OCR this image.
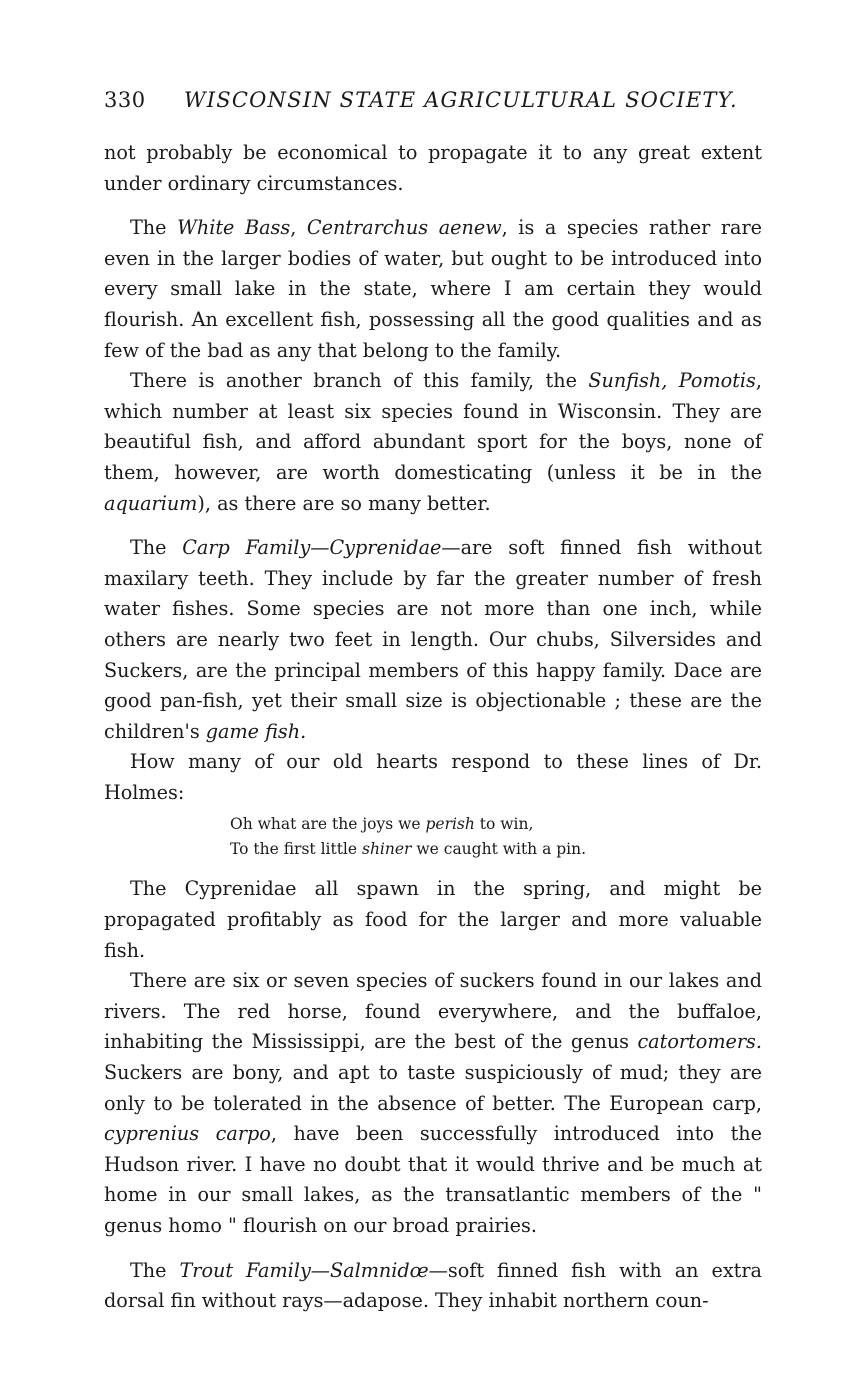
330	WISCONSIN STATE AGRICULTURAL SOCIETY.

not probably be economical to propagate it to any great extent under ordinary circumstances.

The White Bass, Centrarchus aenew, is a species rather rare even in the larger bodies of water, but ought to be introduced into every small lake in the state, where I am certain they would flourish. An excellent fish, possessing all the good qualities and as few of the bad as any that belong to the family.

There is another branch of this family, the Sunfish, Pomotis, which number at least six species found in Wisconsin. They are beautiful fish, and afford abundant sport for the boys, none of them, however, are worth domesticating (unless it be in the aquarium), as there are so many better.

The Carp Family—Cyprenidae—are soft finned fish without maxilary teeth. They include by far the greater number of fresh water fishes. Some species are not more than one inch, while others are nearly two feet in length. Our chubs, Silversides and Suckers, are the principal members of this happy family. Dace are good pan-fish, yet their small size is objectionable ; these are the children's game fish.

How many of our old hearts respond to these lines of Dr. Holmes:

Oh what are the joys we perish to win,
To the first little shiner we caught with a pin.

The Cyprenidae all spawn in the spring, and might be propagated profitably as food for the larger and more valuable fish.

There are six or seven species of suckers found in our lakes and rivers. The red horse, found everywhere, and the buffaloe, inhabiting the Mississippi, are the best of the genus catortomers. Suckers are bony, and apt to taste suspiciously of mud; they are only to be tolerated in the absence of better. The European carp, cyprenius carpo, have been successfully introduced into the Hudson river. I have no doubt that it would thrive and be much at home in our small lakes, as the transatlantic members of the " genus homo " flourish on our broad prairies.

The Trout Family—Salmnidœ—soft finned fish with an extra dorsal fin without rays—adapose. They inhabit northern coun-
